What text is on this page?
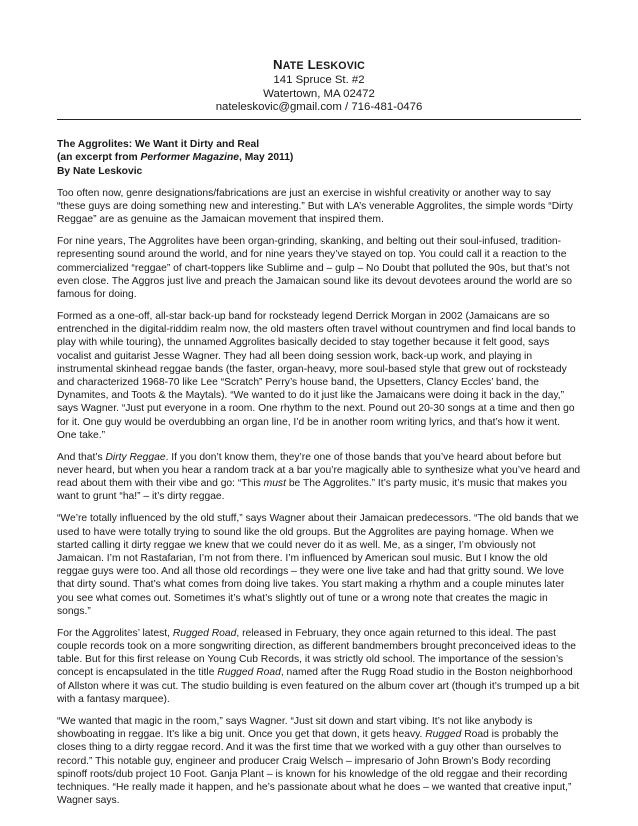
NATE LESKOVIC
141 Spruce St. #2
Watertown, MA 02472
nateleskovic@gmail.com / 716-481-0476
The Aggrolites: We Want it Dirty and Real
(an excerpt from Performer Magazine, May 2011)
By Nate Leskovic

Too often now, genre designations/fabrications are just an exercise in wishful creativity or another way to say “these guys are doing something new and interesting.” But with LA’s venerable Aggrolites, the simple words “Dirty Reggae” are as genuine as the Jamaican movement that inspired them.

For nine years, The Aggrolites have been organ-grinding, skanking, and belting out their soul-infused, tradition-representing sound around the world, and for nine years they’ve stayed on top. You could call it a reaction to the commercialized “reggae” of chart-toppers like Sublime and – gulp – No Doubt that polluted the 90s, but that’s not even close. The Aggros just live and preach the Jamaican sound like its devout devotees around the world are so famous for doing.

Formed as a one-off, all-star back-up band for rocksteady legend Derrick Morgan in 2002 (Jamaicans are so entrenched in the digital-riddim realm now, the old masters often travel without countrymen and find local bands to play with while touring), the unnamed Aggrolites basically decided to stay together because it felt good, says vocalist and guitarist Jesse Wagner. They had all been doing session work, back-up work, and playing in instrumental skinhead reggae bands (the faster, organ-heavy, more soul-based style that grew out of rocksteady and characterized 1968-70 like Lee “Scratch” Perry’s house band, the Upsetters, Clancy Eccles’ band, the Dynamites, and Toots & the Maytals). “We wanted to do it just like the Jamaicans were doing it back in the day,” says Wagner. “Just put everyone in a room. One rhythm to the next. Pound out 20-30 songs at a time and then go for it. One guy would be overdubbing an organ line, I’d be in another room writing lyrics, and that’s how it went. One take.”

And that’s Dirty Reggae. If you don’t know them, they’re one of those bands that you’ve heard about before but never heard, but when you hear a random track at a bar you’re magically able to synthesize what you’ve heard and read about them with their vibe and go: “This must be The Aggrolites.” It’s party music, it’s music that makes you want to grunt “ha!” – it’s dirty reggae.

“We’re totally influenced by the old stuff,” says Wagner about their Jamaican predecessors. “The old bands that we used to have were totally trying to sound like the old groups. But the Aggrolites are paying homage. When we started calling it dirty reggae we knew that we could never do it as well. Me, as a singer, I’m obviously not Jamaican. I’m not Rastafarian, I’m not from there. I’m influenced by American soul music. But I know the old reggae guys were too. And all those old recordings – they were one live take and had that gritty sound. We love that dirty sound. That’s what comes from doing live takes. You start making a rhythm and a couple minutes later you see what comes out. Sometimes it’s what’s slightly out of tune or a wrong note that creates the magic in songs.”

For the Aggrolites’ latest, Rugged Road, released in February, they once again returned to this ideal. The past couple records took on a more songwriting direction, as different bandmembers brought preconceived ideas to the table. But for this first release on Young Cub Records, it was strictly old school. The importance of the session’s concept is encapsulated in the title Rugged Road, named after the Rugg Road studio in the Boston neighborhood of Allston where it was cut. The studio building is even featured on the album cover art (though it’s trumped up a bit with a fantasy marquee).

“We wanted that magic in the room,” says Wagner. “Just sit down and start vibing. It’s not like anybody is showboating in reggae. It’s like a big unit. Once you get that down, it gets heavy. Rugged Road is probably the closes thing to a dirty reggae record. And it was the first time that we worked with a guy other than ourselves to record.” This notable guy, engineer and producer Craig Welsch – impresario of John Brown’s Body recording spinoff roots/dub project 10 Foot. Ganja Plant – is known for his knowledge of the old reggae and their recording techniques. “He really made it happen, and he’s passionate about what he does – we wanted that creative input,” Wagner says.
